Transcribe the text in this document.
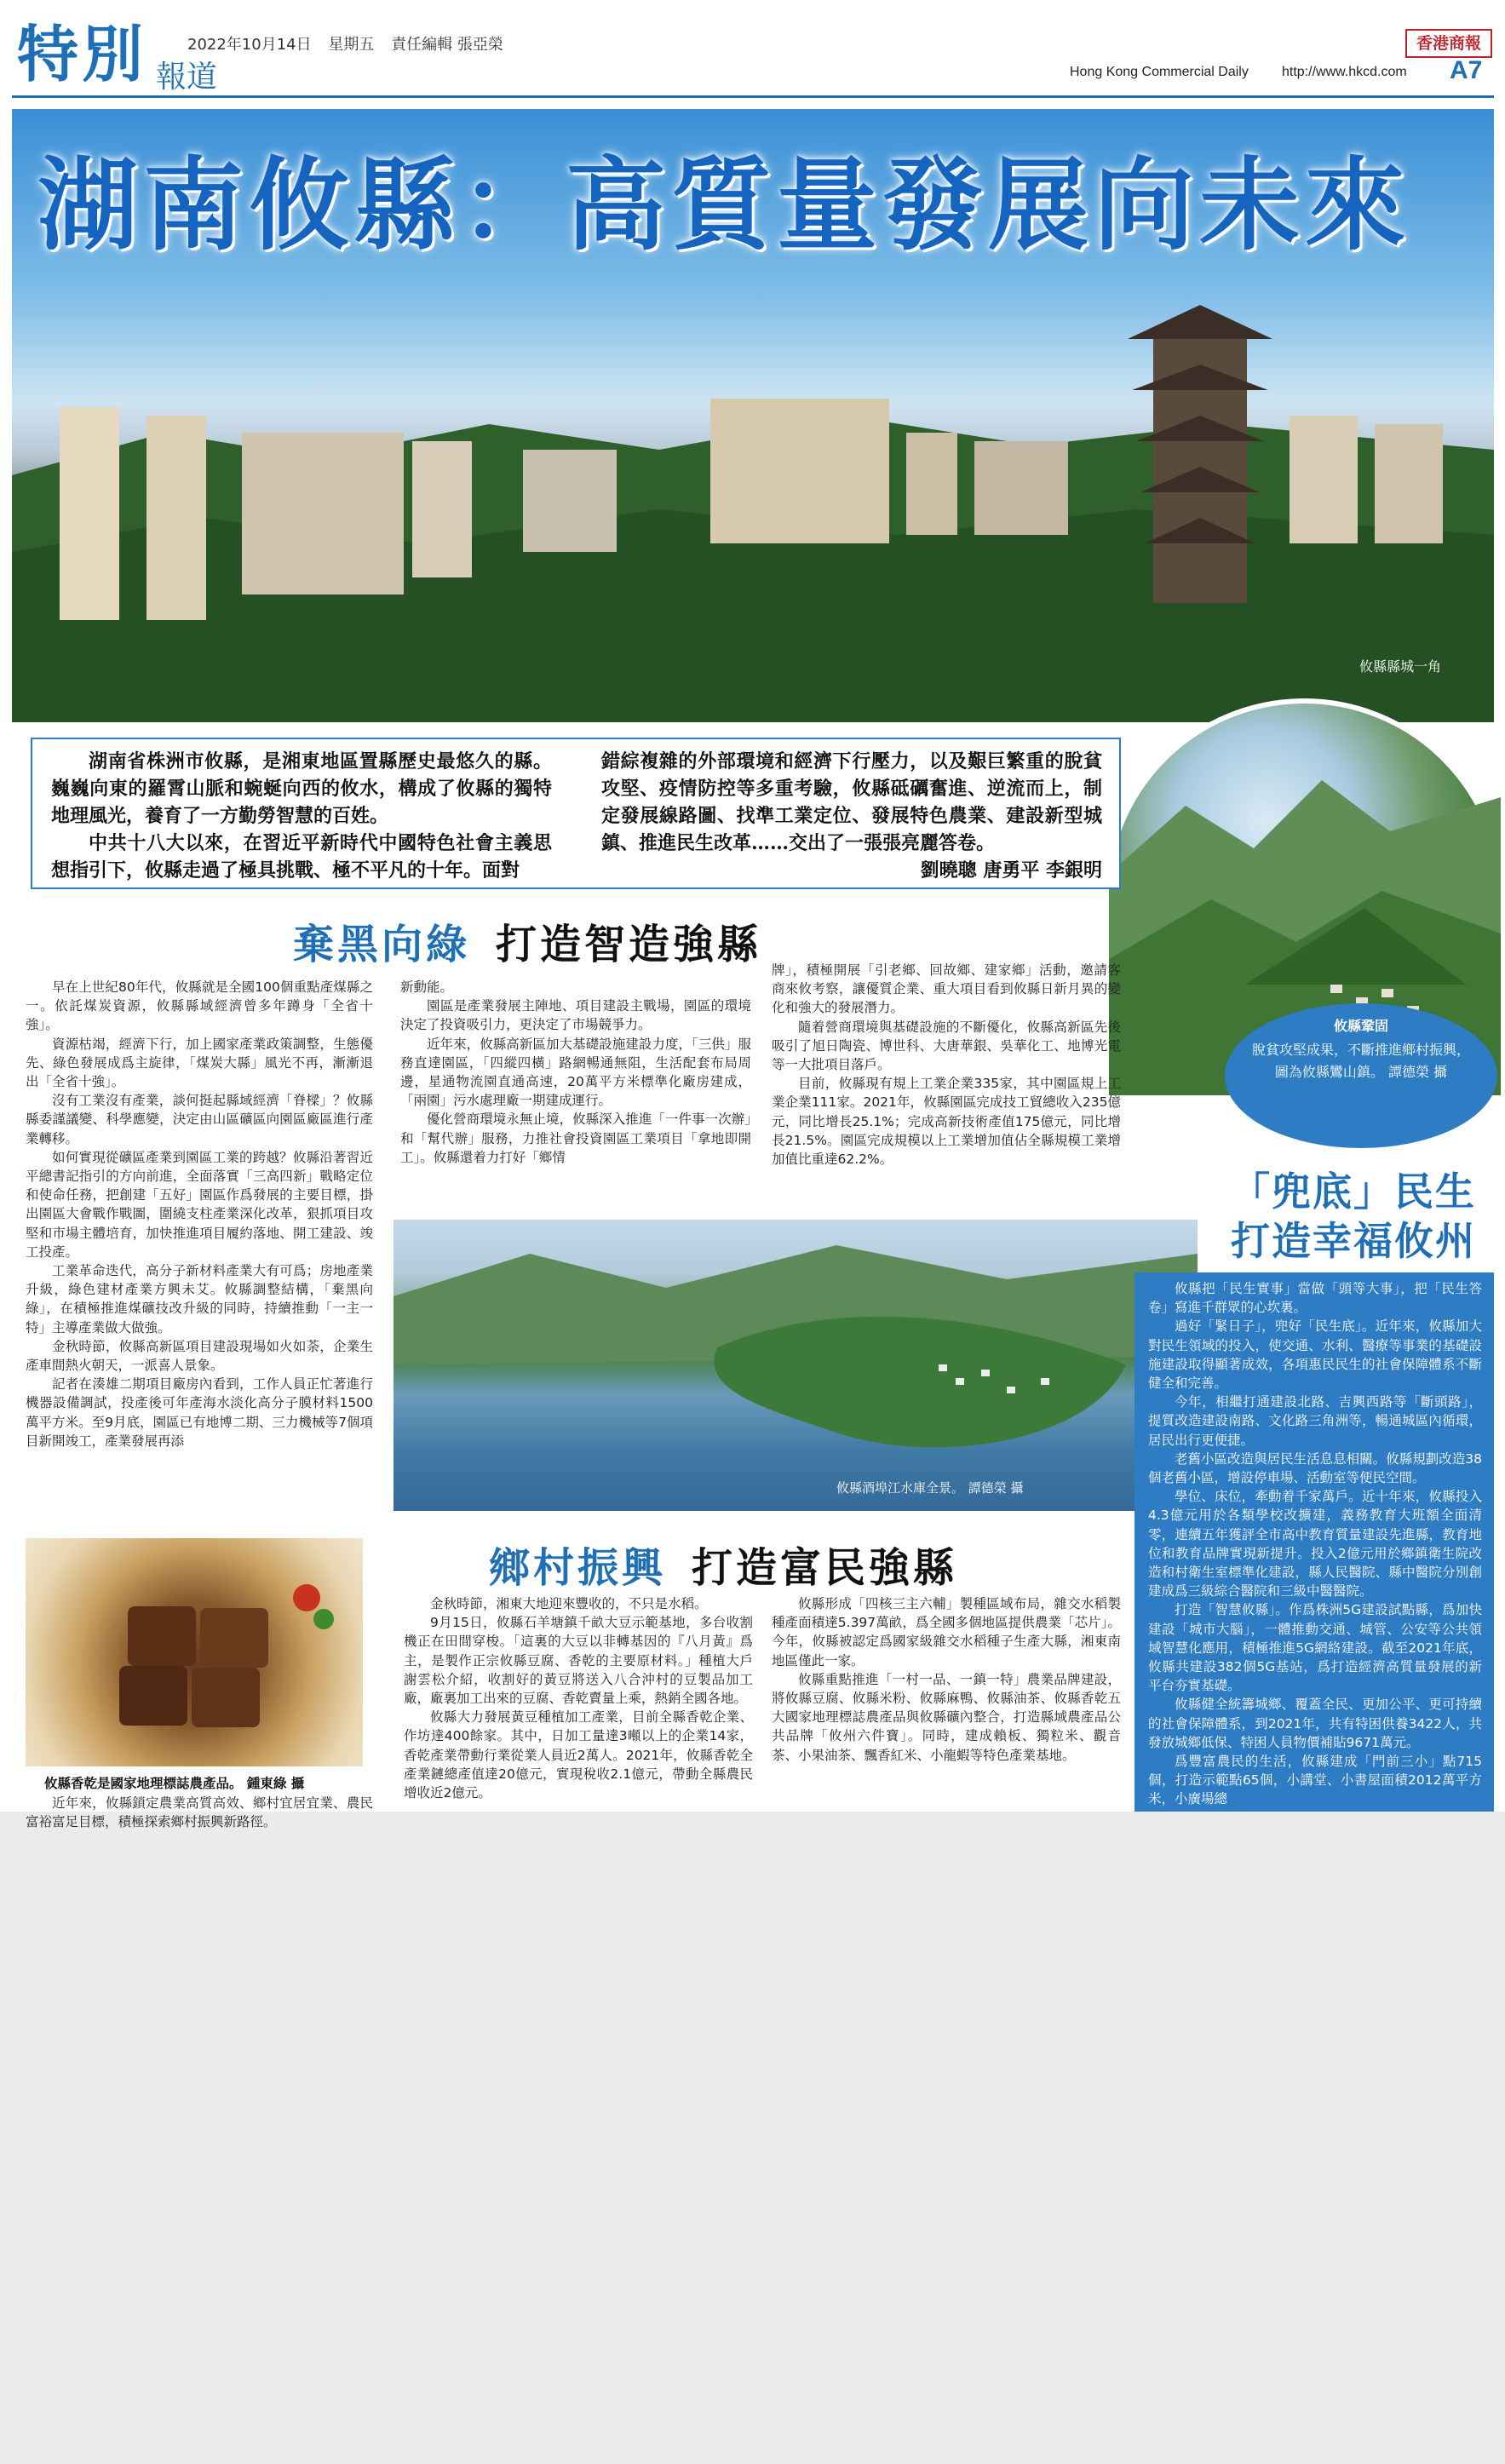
特別 報道
2022年10月14日 星期五 責任編輯 張亞榮	香港商報
Hong Kong Commercial Daily http://www.hkcd.com A7
湖南攸縣：高質量發展向未來
攸縣縣城一角

湖南省株洲市攸縣，是湘東地區置縣歷史最悠久的縣。巍巍向東的羅霄山脈和蜿蜒向西的攸水，構成了攸縣的獨特地理風光，養育了一方勤勞智慧的百姓。

中共十八大以來，在習近平新時代中國特色社會主義思想指引下，攸縣走過了極具挑戰、極不平凡的十年。面對

錯綜複雜的外部環境和經濟下行壓力，以及艱巨繁重的脫貧攻堅、疫情防控等多重考驗，攸縣砥礪奮進、逆流而上，制定發展線路圖、找準工業定位、發展特色農業、建設新型城鎮、推進民生改革……交出了一張張亮麗答卷。

劉曉聰 唐勇平 李銀明
攸縣鞏固
脫貧攻堅成果，不斷推進鄉村振興，圖為攸縣鸞山鎮。 譚德榮 攝
棄黑向綠 打造智造強縣

早在上世紀80年代，攸縣就是全國100個重點產煤縣之一。依託煤炭資源，攸縣縣域經濟曾多年蹲身「全省十強」。

資源枯竭，經濟下行，加上國家產業政策調整，生態優先、綠色發展成爲主旋律，「煤炭大縣」風光不再，漸漸退出「全省十強」。

沒有工業沒有產業，談何挺起縣域經濟「脊樑」？攸縣縣委謹議變、科學應變，決定由山區礦區向園區廠區進行產業轉移。

如何實現從礦區產業到園區工業的跨越？攸縣沿著習近平總書記指引的方向前進，全面落實「三高四新」戰略定位和使命任務，把創建「五好」園區作爲發展的主要目標，掛出園區大會戰作戰圖，圍繞支柱產業深化改革，狠抓項目攻堅和市場主體培育，加快推進項目履約落地、開工建設、竣工投產。

工業革命迭代，高分子新材料產業大有可爲；房地產業升級，綠色建材產業方興未艾。攸縣調整結構，「棄黑向綠」，在積極推進煤礦技改升級的同時，持續推動「一主一特」主導產業做大做強。

金秋時節，攸縣高新區項目建設現場如火如荼，企業生產車間熱火朝天，一派喜人景象。

記者在湊雄二期項目廠房內看到，工作人員正忙著進行機器設備調試，投產後可年產海水淡化高分子膜材料1500萬平方米。至9月底，園區已有地博二期、三力機械等7個項目新開竣工，產業發展再添

新動能。

園區是產業發展主陣地、項目建設主戰場，園區的環境決定了投資吸引力，更決定了市場競爭力。

近年來，攸縣高新區加大基礎設施建設力度，「三供」服務直達園區，「四縱四橫」路網暢通無阻，生活配套布局周邊，星通物流園直通高速，20萬平方米標準化廠房建成，「兩園」污水處理廠一期建成運行。

優化營商環境永無止境，攸縣深入推進「一件事一次辦」和「幫代辦」服務，力推社會投資園區工業項目「拿地即開工」。攸縣還着力打好「鄉情

牌」，積極開展「引老鄉、回故鄉、建家鄉」活動，邀請客商來攸考察，讓優質企業、重大項目看到攸縣日新月異的變化和強大的發展潛力。

隨着營商環境與基礎設施的不斷優化，攸縣高新區先後吸引了旭日陶瓷、博世科、大唐華銀、吳華化工、地博光電等一大批項目落戶。

目前，攸縣現有規上工業企業335家，其中園區規上工業企業111家。2021年，攸縣園區完成技工貿總收入235億元，同比增長25.1%；完成高新技術產值175億元，同比增長21.5%。園區完成規模以上工業增加值佔全縣規模工業增加值比重達62.2%。

攸縣酒埠江水庫全景。 譚德榮 攝
「兜底」民生
打造幸福攸州

攸縣把「民生實事」當做「頭等大事」，把「民生答卷」寫進千群眾的心坎裏。

過好「緊日子」，兜好「民生底」。近年來，攸縣加大對民生領域的投入，使交通、水利、醫療等事業的基礎設施建設取得顯著成效，各項惠民民生的社會保障體系不斷健全和完善。

今年，相繼打通建設北路、吉興西路等「斷頭路」，提質改造建設南路、文化路三角洲等，暢通城區內循環，居民出行更便捷。

老舊小區改造與居民生活息息相關。攸縣規劃改造38個老舊小區，增設停車場、活動室等便民空間。

學位、床位，牽動着千家萬戶。近十年來，攸縣投入4.3億元用於各類學校改擴建，義務教育大班額全面清零，連續五年獲評全市高中教育質量建設先進縣，教育地位和教育品牌實現新提升。投入2億元用於鄉鎮衛生院改造和村衛生室標準化建設，縣人民醫院、縣中醫院分別創建成爲三級綜合醫院和三級中醫醫院。

打造「智慧攸縣」。作爲株洲5G建設試點縣，爲加快建設「城市大腦」，一體推動交通、城管、公安等公共領域智慧化應用，積極推進5G網絡建設。截至2021年底，攸縣共建設382個5G基站，爲打造經濟高質量發展的新平台夯實基礎。

攸縣健全統籌城鄉、覆蓋全民、更加公平、更可持續的社會保障體系，到2021年，共有特困供養3422人，共發放城鄉低保、特困人員物價補貼9671萬元。

爲豐富農民的生活，攸縣建成「門前三小」點715個，打造示範點65個，小講堂、小書屋面積2012萬平方米，小廣場總

攸縣香乾是國家地理標誌農產品。 鍾東綠 攝
鄉村振興 打造富民強縣

近年來，攸縣鎖定農業高質高效、鄉村宜居宜業、農民富裕富足目標，積極探索鄉村振興新路徑。

金秋時節，湘東大地迎來豐收的，不只是水稻。

9月15日，攸縣石羊塘鎮千畝大豆示範基地，多台收割機正在田間穿梭。「這裏的大豆以非轉基因的『八月黃』爲主，是製作正宗攸縣豆腐、香乾的主要原材料。」種植大戶謝雲松介紹，收割好的黃豆將送入八合沖村的豆製品加工廠，廠裏加工出來的豆腐、香乾賣量上乘，熱銷全國各地。

攸縣大力發展黃豆種植加工產業，目前全縣香乾企業、作坊達400餘家。其中，日加工量達3噸以上的企業14家，香乾產業帶動行業從業人員近2萬人。2021年，攸縣香乾全產業鏈總產值達20億元，實現稅收2.1億元，帶動全縣農民增收近2億元。

攸縣形成「四核三主六輔」製種區域布局，雜交水稻製種產面積達5.397萬畝，爲全國多個地區提供農業「芯片」。今年，攸縣被認定爲國家級雜交水稻種子生產大縣，湘東南地區僅此一家。

攸縣重點推進「一村一品、一鎮一特」農業品牌建設，將攸縣豆腐、攸縣米粉、攸縣麻鴨、攸縣油茶、攸縣香乾五大國家地理標誌農產品與攸縣礦內整合，打造縣域農產品公共品牌「攸州六件寶」。同時，建成賴板、獨粒米、觀音茶、小果油茶、飄香紅米、小龍蝦等特色產業基地。
